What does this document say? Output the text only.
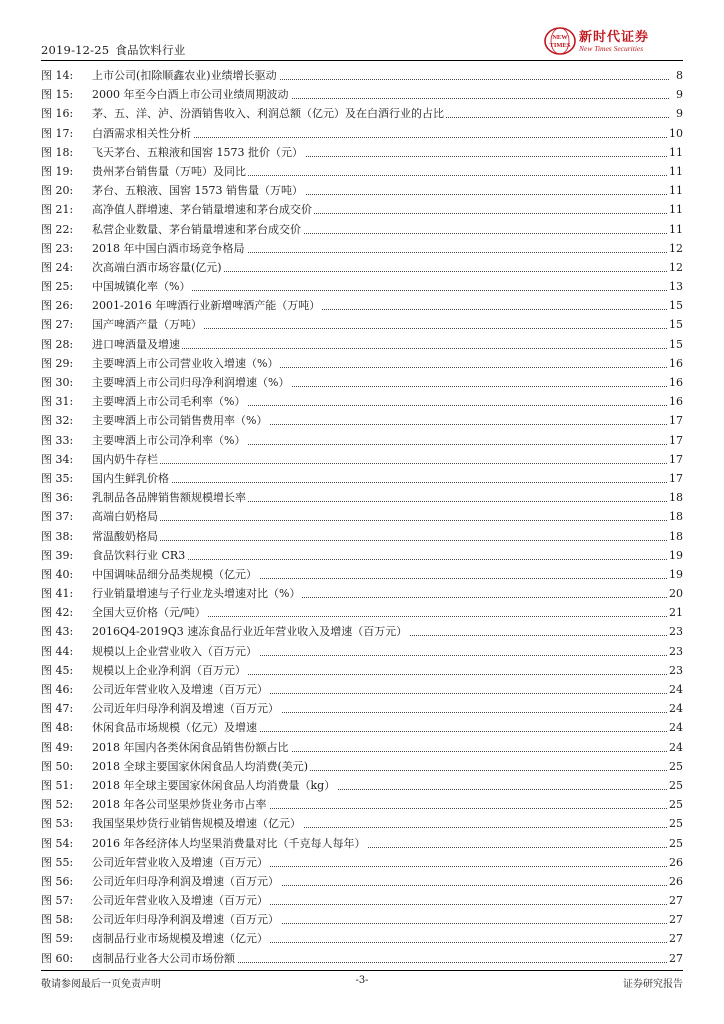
2019-12-25 食品饮料行业
NEW
TIMES
新时代证券
New Times Securities
图 14: 上市公司(扣除顺鑫农业)业绩增长驱动	8
图 15: 2000 年至今白酒上市公司业绩周期波动	9
图 16: 茅、五、洋、泸、汾酒销售收入、利润总额（亿元）及在白酒行业的占比	9
图 17: 白酒需求相关性分析	10
图 18: 飞天茅台、五粮液和国窖 1573 批价（元）	11
图 19: 贵州茅台销售量（万吨）及同比	11
图 20: 茅台、五粮液、国窖 1573 销售量（万吨）	11
图 21: 高净值人群增速、茅台销量增速和茅台成交价	11
图 22: 私营企业数量、茅台销量增速和茅台成交价	11
图 23: 2018 年中国白酒市场竞争格局	12
图 24: 次高端白酒市场容量(亿元)	12
图 25: 中国城镇化率（%）	13
图 26: 2001-2016 年啤酒行业新增啤酒产能（万吨）	15
图 27: 国产啤酒产量（万吨）	15
图 28: 进口啤酒量及增速	15
图 29: 主要啤酒上市公司营业收入增速（%）	16
图 30: 主要啤酒上市公司归母净利润增速（%）	16
图 31: 主要啤酒上市公司毛利率（%）	16
图 32: 主要啤酒上市公司销售费用率（%）	17
图 33: 主要啤酒上市公司净利率（%）	17
图 34: 国内奶牛存栏	17
图 35: 国内生鲜乳价格	17
图 36: 乳制品各品牌销售额规模增长率	18
图 37: 高端白奶格局	18
图 38: 常温酸奶格局	18
图 39: 食品饮料行业 CR3	19
图 40: 中国调味品细分品类规模（亿元）	19
图 41: 行业销量增速与子行业龙头增速对比（%）	20
图 42: 全国大豆价格（元/吨）	21
图 43: 2016Q4-2019Q3 速冻食品行业近年营业收入及增速（百万元）	23
图 44: 规模以上企业营业收入（百万元）	23
图 45: 规模以上企业净利润（百万元）	23
图 46: 公司近年营业收入及增速（百万元）	24
图 47: 公司近年归母净利润及增速（百万元）	24
图 48: 休闲食品市场规模（亿元）及增速	24
图 49: 2018 年国内各类休闲食品销售份额占比	24
图 50: 2018 全球主要国家休闲食品人均消费(美元)	25
图 51: 2018 年全球主要国家休闲食品人均消费量（kg）	25
图 52: 2018 年各公司坚果炒货业务市占率	25
图 53: 我国坚果炒货行业销售规模及增速（亿元）	25
图 54: 2016 年各经济体人均坚果消费量对比（千克每人每年）	25
图 55: 公司近年营业收入及增速（百万元）	26
图 56: 公司近年归母净利润及增速（百万元）	26
图 57: 公司近年营业收入及增速（百万元）	27
图 58: 公司近年归母净利润及增速（百万元）	27
图 59: 卤制品行业市场规模及增速（亿元）	27
图 60: 卤制品行业各大公司市场份额	27
敬请参阅最后一页免责声明	-3-	证券研究报告
